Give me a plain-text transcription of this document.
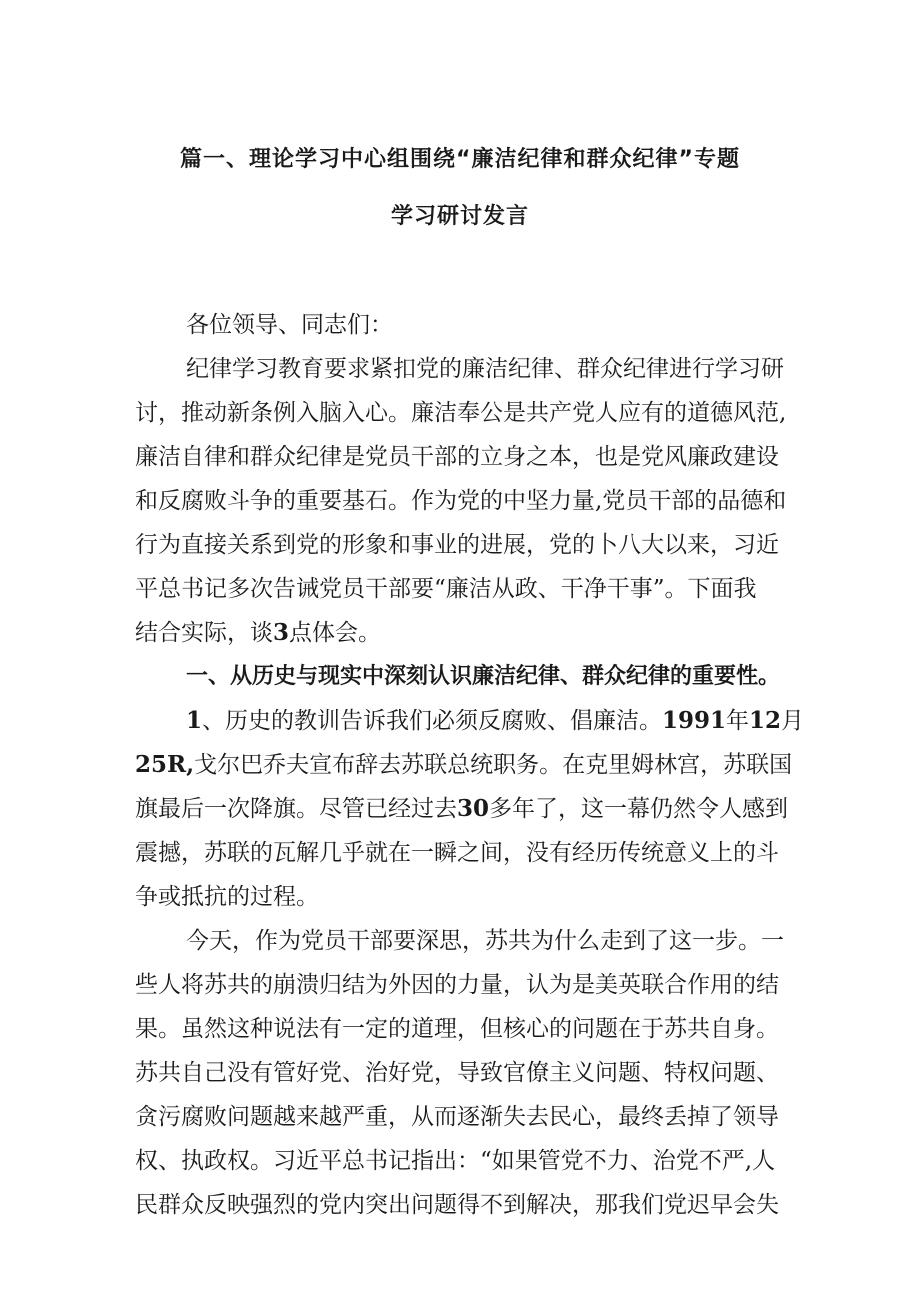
篇一、理论学习中心组围绕“廉洁纪律和群众纪律”专题
学习研讨发言
各位领导、同志们：
纪律学习教育要求紧扣党的廉洁纪律、群众纪律进行学习研
讨，推动新条例入脑入心。廉洁奉公是共产党人应有的道德风范,
廉洁自律和群众纪律是党员干部的立身之本，也是党风廉政建设
和反腐败斗争的重要基石。作为党的中坚力量,党员干部的品德和
行为直接关系到党的形象和事业的进展，党的卜八大以来，习近
平总书记多次告诫党员干部要“廉洁从政、干净干事”。下面我
结合实际，谈3点体会。
一、从历史与现实中深刻认识廉洁纪律、群众纪律的重要性。
1、历史的教训告诉我们必须反腐败、倡廉洁。1991年12月
25R,戈尔巴乔夫宣布辞去苏联总统职务。在克里姆林宫，苏联国
旗最后一次降旗。尽管已经过去30多年了，这一幕仍然令人感到
震撼，苏联的瓦解几乎就在一瞬之间，没有经历传统意义上的斗
争或抵抗的过程。
今天，作为党员干部要深思，苏共为什么走到了这一步。一
些人将苏共的崩溃归结为外因的力量，认为是美英联合作用的结
果。虽然这种说法有一定的道理，但核心的问题在于苏共自身。
苏共自己没有管好党、治好党，导致官僚主义问题、特权问题、
贪污腐败问题越来越严重，从而逐渐失去民心，最终丢掉了领导
权、执政权。习近平总书记指出：“如果管党不力、治党不严,人
民群众反映强烈的党内突出问题得不到解决，那我们党迟早会失
